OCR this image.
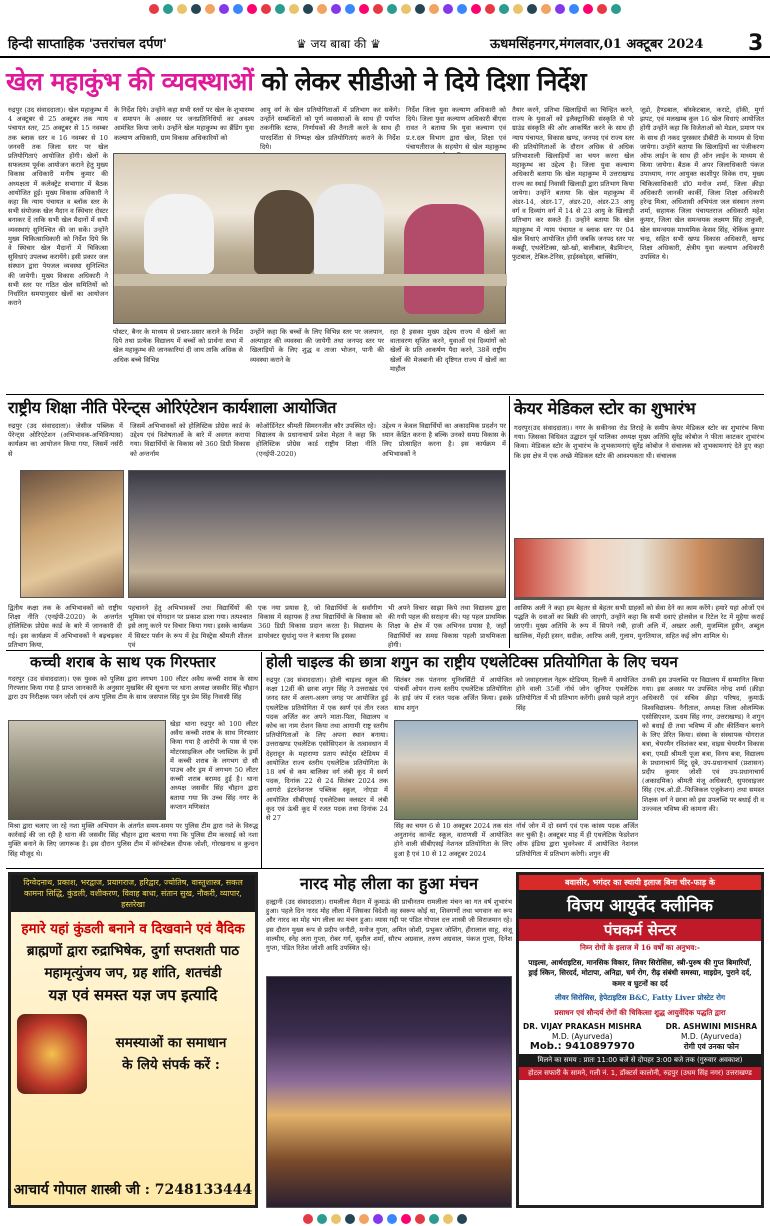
हिन्दी साप्ताहिक 'उत्तरांचल दर्पण'	♛ जय बाबा की ♛	ऊधमसिंहनगर,मंगलवार,01 अक्टूबर 2024 3
खेल महाकुंभ की व्यवस्थाओं को लेकर सीडीओ ने दिये दिशा निर्देश
रुद्रपुर (उद संवाददाता)। खेल महाकुम्भ में 4 अक्टूबर से 25 अक्टूबर तक न्याय पंचायत स्तर, 25 अक्टूबर से 15 नवम्बर तक ब्लाक स्तर व 16 नवम्बर से 10 जनवरी तक जिला स्तर पर खेल प्रतियोगिताएं आयोजित होंगी। खेलों के सफलतम पूर्वक आयोजन कराने हेतु मुख्य विकास अधिकारी मनीष कुमार की अध्यक्षता में कलेक्ट्रेट सभागार में बैठक आयोजित हुई। मुख्य विकास अधिकारी ने कहा कि न्याय पंचायत व ब्लॉक स्तर के सभी संयोजक खेल मैदान व स्थिचार रोस्टर बनाकर दें ताकि सभी खेल मैदानों में सभी व्यवस्थाएं सुनिश्चित की जा सकें। उन्होंने मुख्य चिकित्साधिकारी को निर्देश दिये कि वे स्थिचार खेल मैदानों में चिकित्सा सुविधाएं उपलब्ध करायेंगे। इसी प्रकार जल संस्थान द्वारा पेयजल व्यवस्था सुनिश्चित की जायेगी। मुख्य विकास अधिकारी ने सभी स्तर पर गठित खेल समितियों को निर्धारित समयानुसार खेलों का आयोजन कराने
के निर्देश दिये। उन्होंने कहा सभी स्तरों पर खेल के शुभारम्भ व समापन के अवसर पर जनप्रतिनिधियों का अवश्य आमंत्रित किया जाये। उन्होंने खेल महाकुम्भ का ब्रैंडिंग युवा कल्याण अधिकारी, ग्राम विकास अधिकारियों को
आयु वर्ग के खेल प्रतियोगिताओं में प्रतिभाग कर सकेंगे। उन्होंने सम्बन्धितों को पूर्ण व्यवस्थाओं के साथ ही पर्याप्त तकनीकि स्टाफ, निर्णायकों की तैनाती करने के साथ ही पारदर्शिता से निष्पक्ष खेल प्रतियोगिताएं कराने के निर्देश दिये।
निर्देश जिला युवा कल्याण अधिकारी को दिये। जिला युवा कल्याण अधिकारी बीएस रावत ने बताया कि युवा कल्याण एवं प्र.र.दल विभाग द्वारा खेल, शिक्षा एवं पंचायतीराज के सहयोग से खेल महाकुम्भ
तैयार करने, प्रतिभा खिलाड़ियों का चिन्हित करने, राज्य के युवाओं को इलैक्ट्रानिकी संस्कृति से परे ग्राउंड संस्कृति की ओर आकर्षित करने के साथ ही न्याय पंचायत, विकास खण्ड, जनपद एवं राज्य स्तर की प्रतियोगिताओं के दौरान अधिक से अधिक प्रतिभाशाली खिलाड़ियों का चयन करना खेल महाकुम्भ का उद्देश्य है। जिला युवा कल्याण अधिकारी बताया कि खेल महाकुम्भ में उत्तराखण्ड राज्य का स्थाई निवासी खिलाड़ी द्वारा प्रतिभाग किया जायेगा। उन्होंने बताया कि खेल महाकुम्भ में अंडर-14, अंडर-17, अंडर-20, अंडर-23 आयु वर्ग व दिव्यांग वर्ग में 14 से 23 आयु के खिलाड़ी प्रतिभाग कर सकते हैं। उन्होंने बताया कि खेल महाकुम्भ में न्याय पंचायत व ब्लाक स्तर पर 04 खेल विधाएं आयोजित होंगी जबकि जनपद स्तर पर कबड्डी, एथलेटिक्स, खो-खो, बालीबाल, बैडमिन्टन, फुटबाल, टेबिल-टेनिस, हाईस्कोड्स, बाक्सिंग,
जूडो, हैण्डबाल, बॉस्केटबाल, कराटे, हॉकी, मुर्गा झपट, एवं मलखम्ब कुल 16 खेल विधाएं आयोजित होंगी उन्होंने कहा कि विजेताओं को मेडल, प्रमाण पत्र के साथ ही नकद पुरस्कार डीबीटी के माध्यम से दिया जायेगा। उन्होंने बताया कि खिलाड़ियों का पंजीकरण ऑफ लाईन के साथ ही ऑन लाईन के माध्यम से किया जायेगा। बैठक में अपर जिलाधिकारी पंकज उपाध्याय, नगर आयुक्त काशीपुर विवेक राय, मुख्य चिकित्साधिकारी डॉ0 मनोज शर्मा, जिला क्रीड़ा अधिकारी जानकी कार्की, जिला शिक्षा अधिकारी हरेन्द्र मिश्रा, अधिशासी अभियंता जल संस्थान तरुण शर्मा, सहायक जिला पंचायतराज अधिकारी महेश कुमार, जिला खेल समन्वयक लक्ष्मण सिंह ताकुली, खेल समन्वयक माध्यमिक केसव सिंह, चेकिंक कुमार चन्द्र, सहित सभी खण्ड विकास अधिकारी, खण्ड शिक्षा अधिकारी, क्षेत्रीय युवा कल्याण अधिकारी उपस्थित थे।
पोस्टर, बैनर के माध्यम से प्रचार-प्रसार कराने के निर्देश दिये तथा प्रत्येक विद्यालय में बच्चों को प्रार्थना सभा में खेल महाकुम्भ की जानकारियां दी जाय ताकि अधिक से अधिक बच्चे विभिन्न
उन्होंने कहा कि बच्चों के लिए विभिन्न स्तर पर जलपान, अल्पाहार की व्यवस्था की जायेगी तथा जनपद स्तर पर खिलाड़ियों के लिए शुद्ध व ताजा भोजन, पानी की व्यवस्था कराने के
रहा है इसका मुख्य उद्देश्य राज्य में खेलों का वातावरण सृजित करने, युवाओं एवं दिव्यांगों को खेलों के प्रति आकर्षण पैदा करने, 38वें राष्ट्रीय खेलों की मेजबानी की दृष्टिगत राज्य में खेलों का माहौल
राष्ट्रीय शिक्षा नीति पेरेन्ट्स ओरिएंटेशन कार्यशाला आयोजित
रुद्रपुर (उद संवाददाता)। जेसीज पब्लिक में पेरेन्ट्स ओरिएंटेशन (अभिभावक-अभिविन्यास) कार्यक्रम का आयोजन किया गया, जिसमें नर्सरी से
जिसमें अभिभावकों को होलिस्टिक प्रोग्रेस कार्ड के उद्देश्य एवं विशेषताओं के बारे में अवगत कराया गया। विद्यार्थियों के विकास को 360 डिग्री विकास को अन्तर्नाम
कोऑर्डिनेटर श्रीमती सिमरनजीत कौर उपस्थित रहे। विद्यालय के प्रधानाचार्य प्रवेश मेहता ने कहा कि होलिस्टिक प्रोग्रेस कार्ड राष्ट्रीय शिक्षा नीति (एनईपी-2020)
उद्देश्य न केवल विद्यार्थियों का अकादमिक प्रदर्शन पर ध्यान केंद्रित करना है बल्कि उनको समग्र विकास के लिए प्रोत्साहित करना है। इस कार्यक्रम में अभिभावकों ने
द्वितीय कक्षा तक के अभिभावकों को राष्ट्रीय शिक्षा नीति (एनईपी-2020) के अन्तर्गत होलिस्टिक प्रोग्रेस कार्ड के बारे में जानकारी दी गई। इस कार्यक्रम में अभिभावकों ने बढ़चढ़कर प्रतिभाग किया,
पहचानने हेतु अभिभावकों तथा विद्यार्थियों की भूमिका एवं योगदान पर प्रकाश डाला गया। तत्पश्चात इसे लागू करने पर विचार किया गया। इसके कार्यक्रम में सिस्टर पर्सन के रूप में हेड मिस्ट्रेस श्रीमती शीतल एवं
एक नया प्रयास है, जो विद्यार्थियों के सर्वांगीण विकास में सहायक है तथा विद्यार्थियों के विकास को 360 डिग्री विकास प्रदान करता है। विद्यालय के डायरेक्टर सुधांशु पन्त ने बताया कि इसका
भी अपने विचार साझा किये तथा विद्यालय द्वारा की गयी पहल की सराहना की। यह पहल प्राथमिक शिक्षा के क्षेत्र में एक अभिनव प्रयास है, जहाँ विद्यार्थियों का समग्र विकास पहली प्राथमिकता होगी।
केयर मेडिकल स्टोर का शुभारंभ
गदरपुर(उद संवाददाता)। नगर के सकीनवा रोड तिराहे के समीप केयर मेडिकल स्टोर का शुभारंभ किया गया। जिसका विधिवत उद्घाटन पूर्व पालिका अध्यक्ष मुख्य अतिथि सुरेंद्र कोबोज ने फीता काटकर शुभारंभ किया। मेडिकल स्टोर के शुभारंभ के शुभकामनाएं सुरेंद्र कोबोज ने संचालक को शुभकामनाएं देते हुए कहा कि इस क्षेत्र में एक अच्छे मेडिकल स्टोर की आवश्यकता थी। संचालक
आसिफ अली ने कहा हम बेहतर से बेहतर सभी ग्राहकों को सेवा देने का काम करेंगे। हमारे यहां ओजों एवं पद्धति के दवाओं का बिक्री की जाएगी, उन्होंने कहा कि सभी दवाएं होलसेल व रिटेल रेट में मुहैया कराई जाएगी। मुख्य अतिथि के रूप में सिपने नबी, हाजी अलि में, अख्तर अली, मुजम्मिल हुसैन, अब्दुल खालिक, मेंहदी हसन, सदीक़, आरिफ अली, गुलाम, मुनतियाज, सहित कई लोग शामिल थे।
कच्ची शराब के साथ एक गिरफ्तार
गदरपुर (उद संवाददाता)। एक युवक को पुलिस द्वारा लगभग 100 लीटर अवैध कच्ची शराब के साथ गिरफ्तार किया गया है प्राप्त जानकारी के अनुसार मुखबिर की सूचना पर थाना अध्यक्ष जसवीर सिंह चौहान द्वारा उप निरीक्षक पवन जोशी एवं अन्य पुलिस टीम के साथ जसपाल सिंह पुत्र प्रेम सिंह निवासी सिंह
खेड़ा थाना रुद्रपुर को 100 लीटर अवैध कच्ची शराब के साथ गिरफ्तार किया गया है आरोपी के पास से एक मोटरसाइकिल और प्लास्टिक के ड्रमों में कच्ची शराब के लगभग दो सौ पाउच और ड्रम में लगभग 50 लीटर कच्ची शराब बरामद हुई है। थाना अध्यक्ष जसवीर सिंह चौहान द्वारा बताया गया कि उच्च सिंह नगर के कप्तान मणिकांत
मिश्रा द्वारा चलाए जा रहे नशा मुक्ति अभियान के अंतर्गत समय-समय पर पुलिस टीम द्वारा नशे के विरुद्ध कार्रवाई की जा रही है थाना की जसवीर सिंह चौहान द्वारा बताया गया कि पुलिस टीम करवाई को नशा मुक्ति बनाने के लिए जागरूक है। इस दौरान पुलिस टीम में कॉन्स्टेबल दीपक जोशी, गोरखनाथ व कुन्दन सिंह मौजूद थे।
होली चाइल्ड की छात्रा शगुन का राष्ट्रीय एथलेटिक्स प्रतियोगिता के लिए चयन
रुद्रपुर (उद संवाददाता)। होली चाइल्ड स्कूल की कक्षा 12वीं की छात्रा शगुन सिंह ने उत्तराखंड एवं जनद स्तर में अलग-अलग जगह पर आयोजित हुई एथलेटिक प्रतियोगिता में एक स्वर्ण एवं तीन रजत पदक अर्जित कर अपने माता-पिता, विद्यालय व कोच का नाम रोशन किया तथा आगामी राष्ट्र स्तरीय प्रतियोगिताओं के लिए अपना स्थान बनाया। उत्तराखण्ड एथलेटिक एसोसिएशन के तत्वावधान में देहरादून के महाराणा प्रताप स्पोर्ट्स स्टेडियम में आयोजित राज्य स्तरीय एथलेटिक प्रतियोगिता के 18 वर्ष से कम बालिका वर्ग लंबी कूद में स्वर्ण पदक, दिनांक 22 से 24 सितंबर 2024 तक आगरो इंटरनेशनल पब्लिक स्कूल, नोएडा में आयोजित सीबीएसई एथलेटिक्स क्लस्टर में लंबी कूद एवं ऊंची कूद में रजत पदक तथा दिनांक 24 से 27
सितंबर तक पंतनगर यूनिवर्सिटी में आयोजित पांचवीं ओपन राज्य स्तरीय एथलेटिक प्रतियोगिता के हाई जंप में रजत पदक अर्जित किया। इसके साथ शगुन
को जवाहरलाल नेहरू स्टेडियम, दिल्ली में आयोजित होने वाली 35वीं नॉर्थ जोन जूनियर एथलेटिक प्रतियोगिता में भी प्रतिभाग करेंगी। इससे पहले शगुन सिंह
सिंह का चयन 6 से 10 अक्टूबर 2024 तक संत अनुतानंद कान्वेंट स्कूल, वाराणसी में आयोजित होने वाली सीबीएसई नेशनल प्रतियोगिता के लिए हुआ है एवं 10 से 12 अक्टूबर 2024
नॉर्थ जोन में दो स्वर्ण एवं एक कांस्य पदक अर्जित कर चुकी है। अक्टूबर माह में ही एथलेटिक फेडरेशन ऑफ इंडिया द्वारा भुवनेश्वर में आयोजित नेशनल प्रतियोगिता में प्रतिभाग करेगी। शगुन की
उनकी इस उपलब्धि पर विद्यालय में सम्मानित किया गया। इस अवसर पर उपस्थित नरेन्द्र शर्मा (क्रीड़ा अधिकारी एवं सचिव क्रीड़ा परिषद, कुमाऊँ विश्वविद्यालय- नैनीताल, अध्यक्ष जिला ओलम्पिक एसोसिएशन, ऊधम सिंह नगर, उत्तराखण्ड) ने शगुन को बधाई दी तथा भविष्य में और कीर्तिमान बनाने के लिए प्रेरित किया। संस्था के संस्थापक योगराज बत्रा, चेयरमैन रविशंकर बत्रा, वाइस चेयरमैन विकास बत्रा, एमडी श्रीमती पूजा बत्रा, विनय बत्रा, विद्यालय के प्रधानाचार्य मिंटू दूबे, उप-प्रधानाचार्य (प्रशासन) प्रदीप कुमार जोशी एवं उप-प्रधानाचार्य (अकादमिक) श्रीमती मंजू अधिकारी, सुपरवाइजर सिंह (एच.ओ.डी.-फिजिकल एजुकेशन) तथा समस्त शिक्षक वर्ग ने छात्रा को इस उपलब्धि पर बधाई दी व उज्ज्वल भविष्य की कामना की।
दिग्वेदनाथ, प्रकाश, भरद्वाज, प्रयागराज, हरिद्वार, ज्योतिष, वास्तुशास्त्र, सकल कामना सिद्धि, कुंडली, वशीकरण, विवाह बाधा, संतान सुख, नौकरी, व्यापार, हस्तरेखा
हमारे यहां कुंडली बनाने व दिखवाने एवं वैदिक
ब्राह्मणों द्वारा रुद्राभिषेक, दुर्गा सप्तशती पाठ
महामृत्युंजय जप, ग्रह शांति, शतचंडी
यज्ञ एवं समस्त यज्ञ जप इत्यादि
समस्याओं का समाधान
के लिये संपर्क करें :
आचार्य गोपाल शास्त्री जी : 7248133444
नारद मोह लीला का हुआ मंचन
हल्द्वानी (उद संवाददाता)। रामलीला मैदान में कुमाऊं की प्राचीनतम रामलीला मंचन का गत वर्ष शुभारंभ हुआ। पहले दिन नारद मोह लीला में जिसका विदेशी वह स्वरूप कोई था, शिवगणों तथा भगवान का रूप और नारद का मोह भंग लीला का मंचन हुआ। व्यास गद्दी पर पंडित गोपाल दत्त शास्त्री जी विराजमान रहे। इस दौरान मुख्य रूप से प्रदीप जनौटी, मनोज गुप्ता, अमित जोशी, प्रभुकर जोशिंग, हीरालाल साहू, संजू वाल्मीय, स्नेह लता गुप्ता, रोबर गर्ग, सुशील शर्मा, सौरभ अग्रवाल, तरुण अग्रवाल, पंकज गुप्ता, दिनेश गुप्ता, पंडित रितेश जोशी आदि उपस्थित रहे।
बवासीर, भगंदर का स्थायी इलाज बिना चीर-फाड़ के
विजय आयुर्वेद क्लीनिक
पंचकर्म सेन्टर
निम्न रोगों के इलाज में 16 वर्षों का अनुभव:-
पाइल्स, आर्थराइटिस, मानसिक विकार, लिवर सिरोसिस, स्त्री-पुरुष की गुप्त बिमारियाँ, ड्राई स्किन, सिरदर्द, मोटापा, अनिद्रा, चर्म रोग, रीढ़ संबंधी समस्या, माइग्रेन, पुराने दर्द, कमर व घुटनों का दर्द
लीवर सिरोसिस, हेपेटाइटिस B&C, Fatty Liver प्रोस्टेट रोग
प्रसाधन एवं सौन्दर्य रोगों की चिकित्सा शुद्ध आयुर्वेदिक पद्धति द्वारा
DR. VIJAY PRAKASH MISHRA
M.D. (Ayurveda)
Mob.: 9410897970
DR. ASHWINI MISHRA
M.D. (Ayurveda)
रोगी एवं उनका फोन
मिलने का समय : प्रातः 11:00 बजे से दोपहर 3:00 बजे तक (गुरुवार अवकाश)
होटल सफारी के सामने, गली नं. 1, डॉक्टर्स कालोनी, रुद्रपुर (उधम सिंह नगर) उत्तराखण्ड
